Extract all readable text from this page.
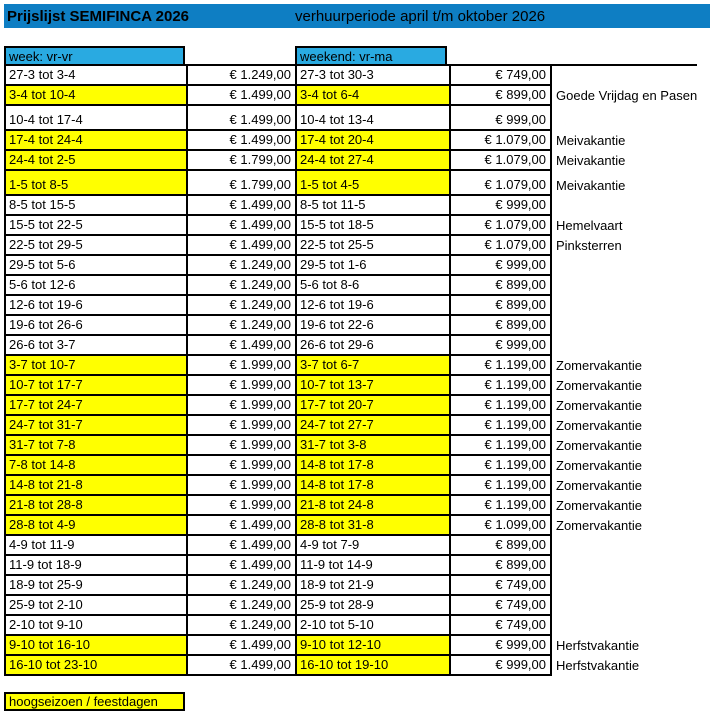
Prijslijst SEMIFINCA 2026	verhuurperiode april t/m oktober 2026
week: vr-vr	weekend: vr-ma
27-3 tot 3-4	€ 1.249,00 27-3 tot 30-3	€ 749,00
3-4 tot 10-4	€ 1.499,00 3-4 tot 6-4	€ 899,00 Goede Vrijdag en Pasen
10-4 tot 17-4	€ 1.499,00 10-4 tot 13-4	€ 999,00
17-4 tot 24-4	€ 1.499,00 17-4 tot 20-4	€ 1.079,00 Meivakantie
24-4 tot 2-5	€ 1.799,00 24-4 tot 27-4	€ 1.079,00 Meivakantie
1-5 tot 8-5	€ 1.799,00 1-5 tot 4-5	€ 1.079,00 Meivakantie
8-5 tot 15-5	€ 1.499,00 8-5 tot 11-5	€ 999,00
15-5 tot 22-5	€ 1.499,00 15-5 tot 18-5	€ 1.079,00 Hemelvaart
22-5 tot 29-5	€ 1.499,00 22-5 tot 25-5	€ 1.079,00 Pinksterren
29-5 tot 5-6	€ 1.249,00 29-5 tot 1-6	€ 999,00
5-6 tot 12-6	€ 1.249,00 5-6 tot 8-6	€ 899,00
12-6 tot 19-6	€ 1.249,00 12-6 tot 19-6	€ 899,00
19-6 tot 26-6	€ 1.249,00 19-6 tot 22-6	€ 899,00
26-6 tot 3-7	€ 1.499,00 26-6 tot 29-6	€ 999,00
3-7 tot 10-7	€ 1.999,00 3-7 tot 6-7	€ 1.199,00 Zomervakantie
10-7 tot 17-7	€ 1.999,00 10-7 tot 13-7	€ 1.199,00 Zomervakantie
17-7 tot 24-7	€ 1.999,00 17-7 tot 20-7	€ 1.199,00 Zomervakantie
24-7 tot 31-7	€ 1.999,00 24-7 tot 27-7	€ 1.199,00 Zomervakantie
31-7 tot 7-8	€ 1.999,00 31-7 tot 3-8	€ 1.199,00 Zomervakantie
7-8 tot 14-8	€ 1.999,00 14-8 tot 17-8	€ 1.199,00 Zomervakantie
14-8 tot 21-8	€ 1.999,00 14-8 tot 17-8	€ 1.199,00 Zomervakantie
21-8 tot 28-8	€ 1.999,00 21-8 tot 24-8	€ 1.199,00 Zomervakantie
28-8 tot 4-9	€ 1.499,00 28-8 tot 31-8	€ 1.099,00 Zomervakantie
4-9 tot 11-9	€ 1.499,00 4-9 tot 7-9	€ 899,00
11-9 tot 18-9	€ 1.499,00 11-9 tot 14-9	€ 899,00
18-9 tot 25-9	€ 1.249,00 18-9 tot 21-9	€ 749,00
25-9 tot 2-10	€ 1.249,00 25-9 tot 28-9	€ 749,00
2-10 tot 9-10	€ 1.249,00 2-10 tot 5-10	€ 749,00
9-10 tot 16-10	€ 1.499,00 9-10 tot 12-10	€ 999,00 Herfstvakantie
16-10 tot 23-10	€ 1.499,00 16-10 tot 19-10	€ 999,00 Herfstvakantie
hoogseizoen / feestdagen
